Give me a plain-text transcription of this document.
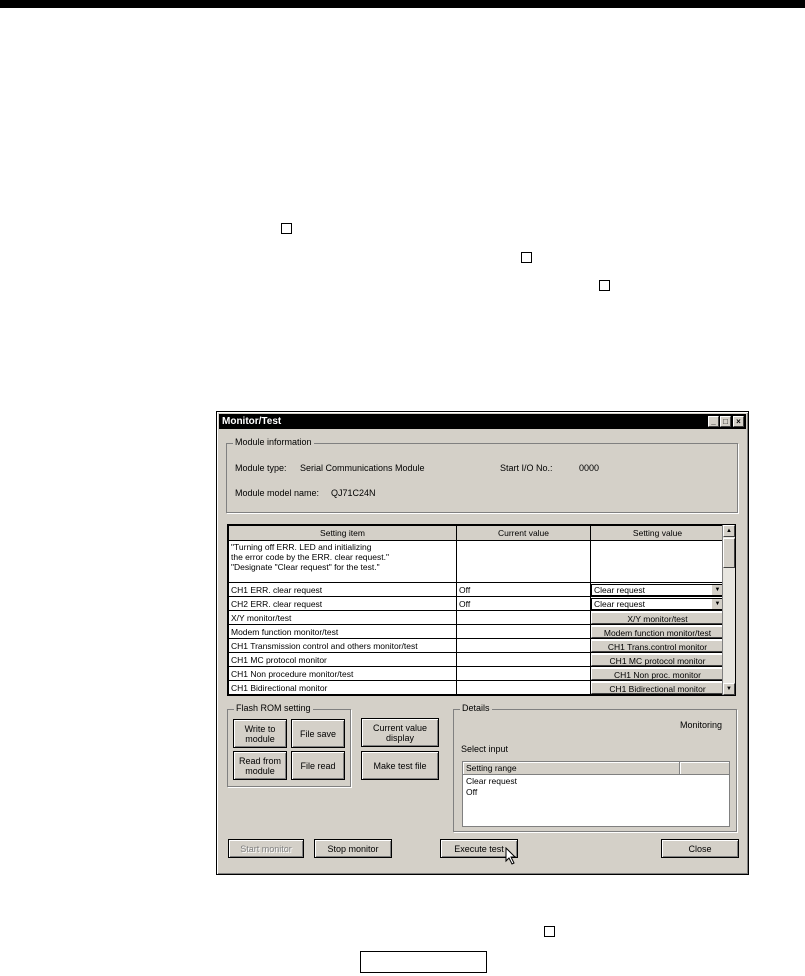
Monitor/Test	_ □	×
Module information
Module type: Serial Communications Module	Start I/O No.:	0000
Module model name: QJ71C24N
Setting item	Current value	Setting value

"Turning off ERR. LED and initializing
the error code by the ERR. clear request."
"Designate "Clear request" for the test."		

CH1 ERR. clear request	Off	Clear request ▼

CH2 ERR. clear request	Off	Clear request ▼

X/Y monitor/test		X/Y monitor/test

Modem function monitor/test		Modem function monitor/test

CH1 Transmission control and others monitor/test		CH1 Trans.control monitor

CH1 MC protocol monitor		CH1 MC protocol monitor

CH1 Non procedure monitor/test		CH1 Non proc. monitor

CH1 Bidirectional monitor		CH1 Bidirectional monitor
▲
▼
Flash ROM setting
Write to
module	File save
Read from
module	File read
Current value
display
Make test file
Details
Monitoring
Select input
Setting range
Clear request
Off
Start monitor	Stop monitor	Execute test	Close
